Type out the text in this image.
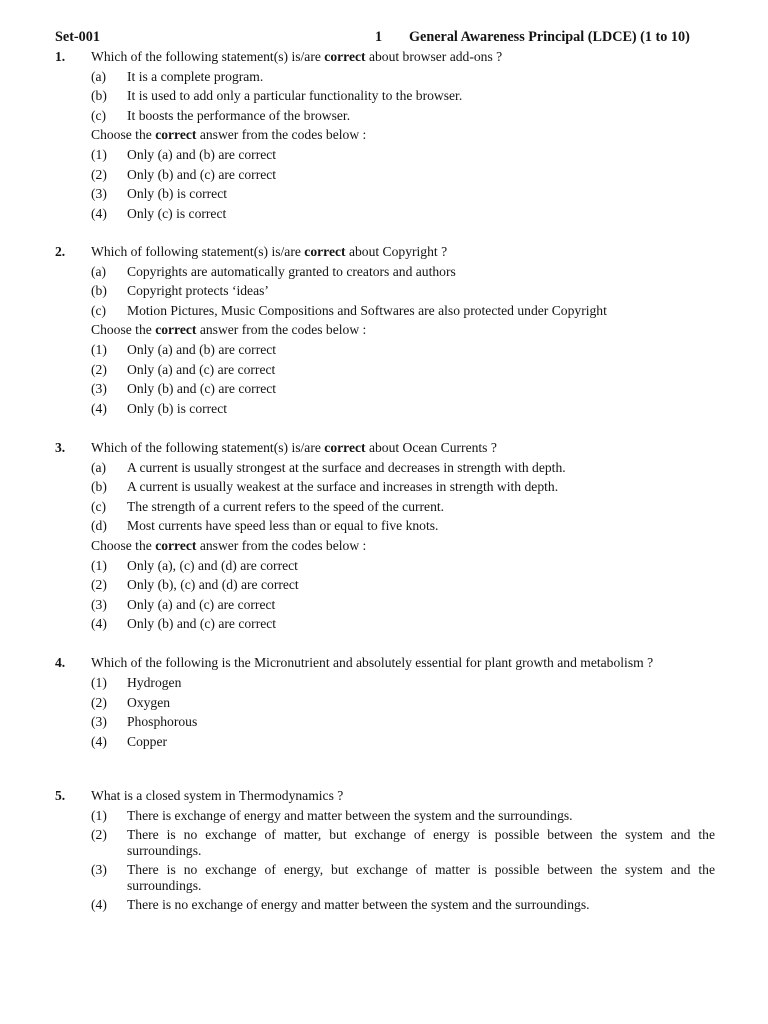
Set-001	1 General Awareness Principal (LDCE) (1 to 10)
1. Which of the following statement(s) is/are correct about browser add-ons ?
(a) It is a complete program.
(b) It is used to add only a particular functionality to the browser.
(c) It boosts the performance of the browser.
Choose the correct answer from the codes below :
(1) Only (a) and (b) are correct
(2) Only (b) and (c) are correct
(3) Only (b) is correct
(4) Only (c) is correct
2. Which of following statement(s) is/are correct about Copyright ?
(a) Copyrights are automatically granted to creators and authors
(b) Copyright protects ‘ideas’
(c) Motion Pictures, Music Compositions and Softwares are also protected under Copyright
Choose the correct answer from the codes below :
(1) Only (a) and (b) are correct
(2) Only (a) and (c) are correct
(3) Only (b) and (c) are correct
(4) Only (b) is correct
3. Which of the following statement(s) is/are correct about Ocean Currents ?
(a) A current is usually strongest at the surface and decreases in strength with depth.
(b) A current is usually weakest at the surface and increases in strength with depth.
(c) The strength of a current refers to the speed of the current.
(d) Most currents have speed less than or equal to five knots.
Choose the correct answer from the codes below :
(1) Only (a), (c) and (d) are correct
(2) Only (b), (c) and (d) are correct
(3) Only (a) and (c) are correct
(4) Only (b) and (c) are correct
4. Which of the following is the Micronutrient and absolutely essential for plant growth and metabolism ?
(1) Hydrogen
(2) Oxygen
(3) Phosphorous
(4) Copper
5. What is a closed system in Thermodynamics ?
(1) There is exchange of energy and matter between the system and the surroundings.
(2) There is no exchange of matter, but exchange of energy is possible between the system and the surroundings.
(3) There is no exchange of energy, but exchange of matter is possible between the system and the surroundings.
(4) There is no exchange of energy and matter between the system and the surroundings.
